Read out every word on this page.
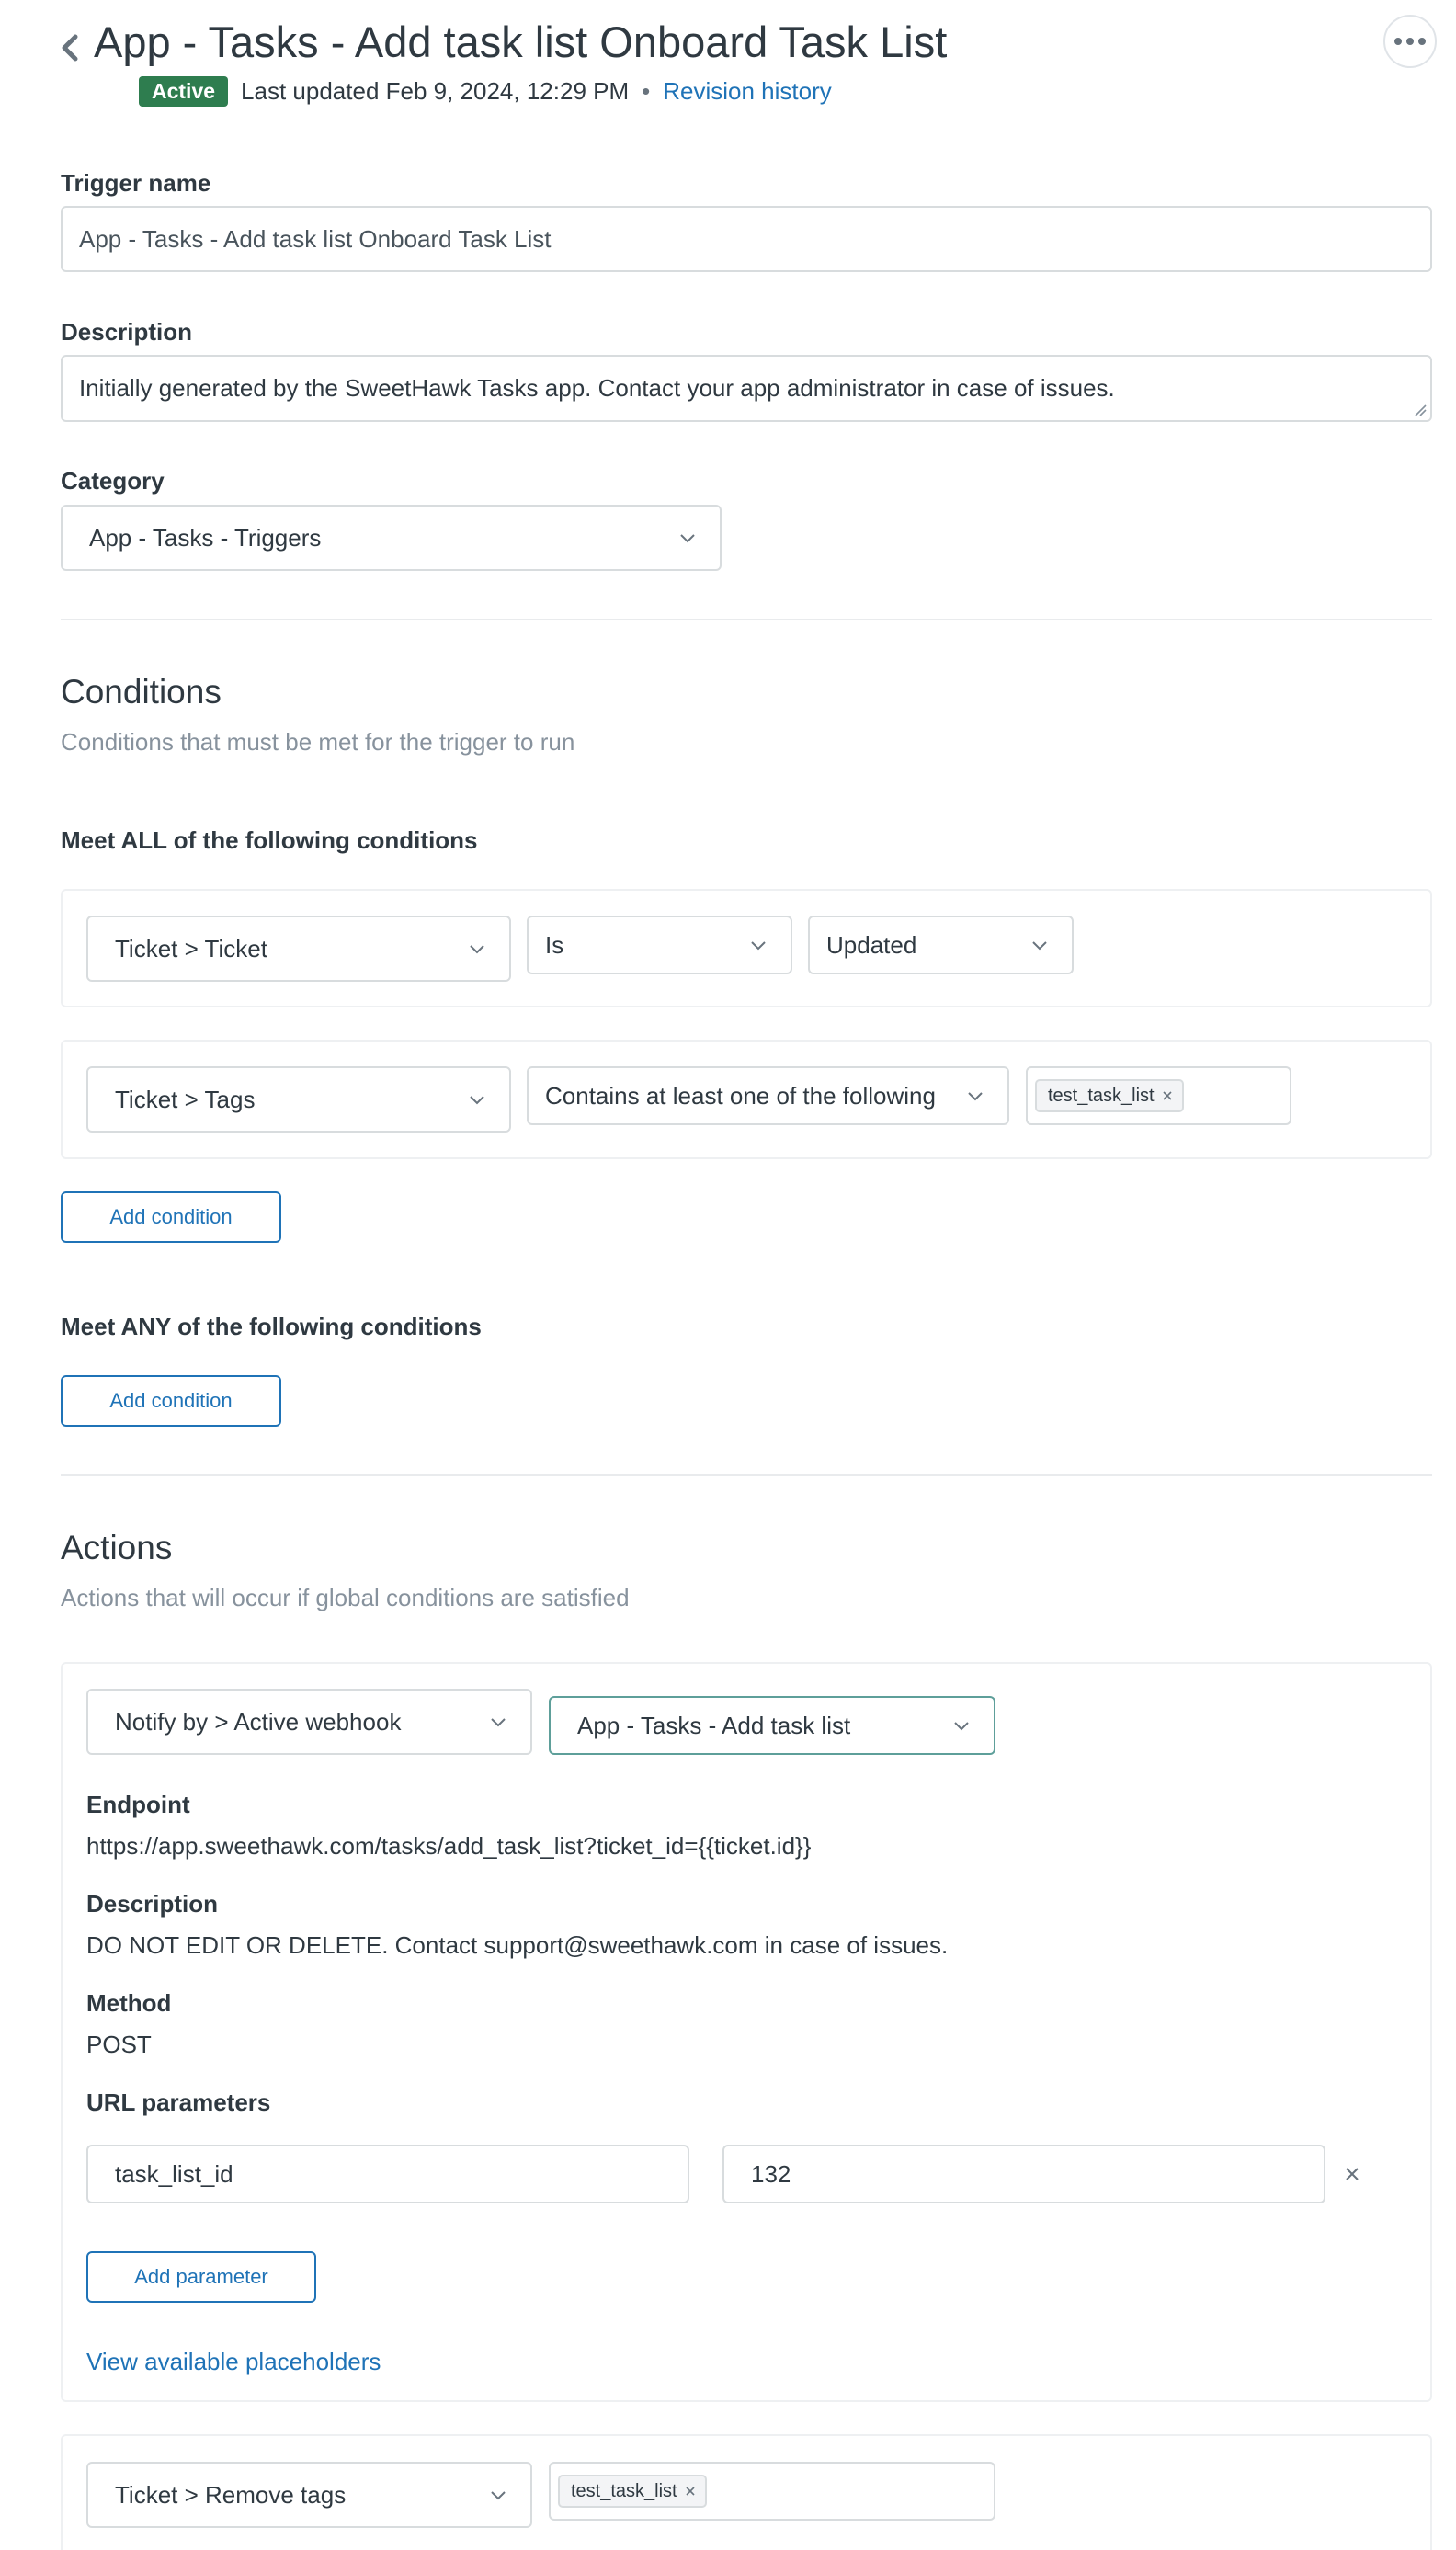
App - Tasks - Add task list Onboard Task List
Active	Last updated Feb 9, 2024, 12:29 PM • Revision history
Trigger name
App - Tasks - Add task list Onboard Task List
Description
Initially generated by the SweetHawk Tasks app. Contact your app administrator in case of issues.
Category
App - Tasks - Triggers
Conditions
Conditions that must be met for the trigger to run
Meet ALL of the following conditions
Ticket > Ticket	Is	Updated
Ticket > Tags	Contains at least one of the following	test_task_list
Add condition
Meet ANY of the following conditions
Add condition
Actions
Actions that will occur if global conditions are satisfied
Notify by > Active webhook	App - Tasks - Add task list
Endpoint
https://app.sweethawk.com/tasks/add_task_list?ticket_id={{ticket.id}}
Description
DO NOT EDIT OR DELETE. Contact support@sweethawk.com in case of issues.
Method
POST
URL parameters
task_list_id	132
Add parameter
View available placeholders
Ticket > Remove tags	test_task_list
